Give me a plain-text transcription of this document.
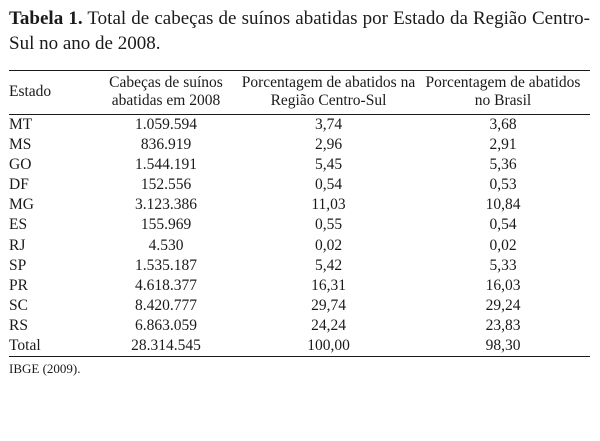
Tabela 1. Total de cabeças de suínos abatidas por Estado da Região Centro-Sul no ano de 2008.

Estado	Cabeças de suínos abatidas em 2008	Porcentagem de abatidos na Região Centro-Sul	Porcentagem de abatidos no Brasil
MT	1.059.594	3,74	3,68
MS	836.919	2,96	2,91
GO	1.544.191	5,45	5,36
DF	152.556	0,54	0,53
MG	3.123.386	11,03	10,84
ES	155.969	0,55	0,54
RJ	4.530	0,02	0,02
SP	1.535.187	5,42	5,33
PR	4.618.377	16,31	16,03
SC	8.420.777	29,74	29,24
RS	6.863.059	24,24	23,83
Total	28.314.545	100,00	98,30

IBGE (2009).
